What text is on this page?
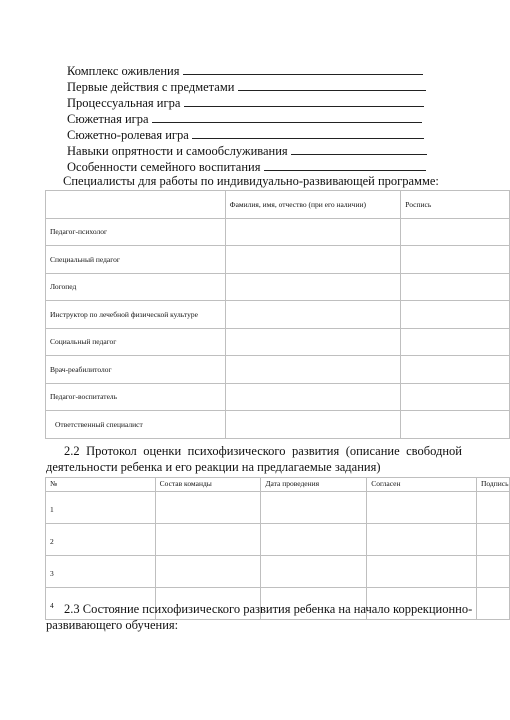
Комплекс оживления
Первые действия с предметами
Процессуальная игра
Сюжетная игра
Сюжетно-ролевая игра
Навыки опрятности и самообслуживания
Особенности семейного воспитания
Специалисты для работы по индивидуально-развивающей программе:
	Фамилия, имя, отчество (при его наличии)	Роспись
Педагог-психолог		
Специальный педагог		
Логопед		
Инструктор по лечебной физической культуре		
Социальный педагог		
Врач-реабилитолог		
Педагог-воспитатель		
Ответственный специалист		
2.2 Протокол оценки психофизического развития (описание свободной
деятельности ребенка и его реакции на предлагаемые задания)
№	Состав команды	Дата проведения	Согласен	Подпись
1				
2				
3				
4				2.3 Состояние психофизического развития ребенка на начало коррекционно-
развивающего обучения:
